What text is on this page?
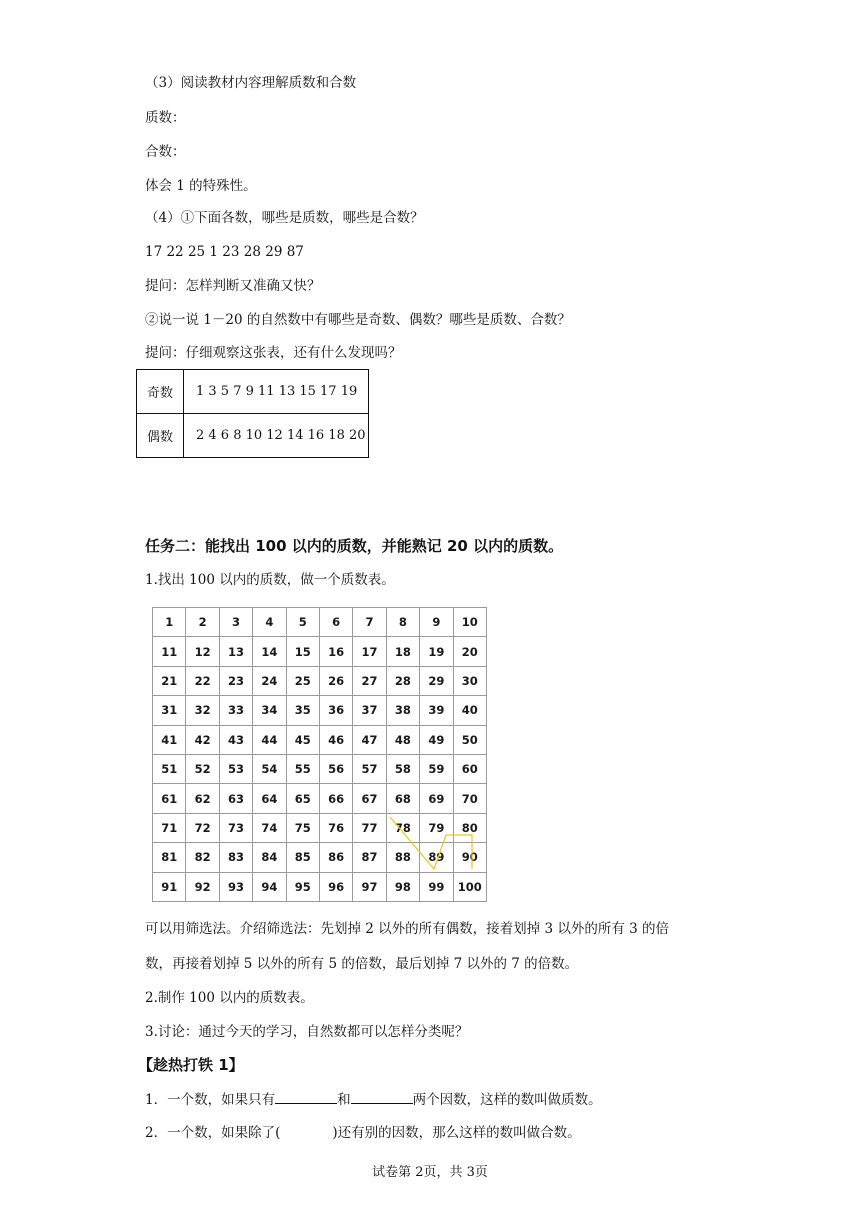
（3）阅读教材内容理解质数和合数
质数：
合数：
体会 1 的特殊性。
（4）①下面各数，哪些是质数，哪些是合数？
17 22 25 1 23 28 29 87
提问：怎样判断又准确又快？
②说一说 1－20 的自然数中有哪些是奇数、偶数？哪些是质数、合数？
提问：仔细观察这张表，还有什么发现吗？
奇数	1 3 5 7 9 11 13 15 17 19
偶数	2 4 6 8 10 12 14 16 18 20
任务二：能找出 100 以内的质数，并能熟记 20 以内的质数。
1.找出 100 以内的质数，做一个质数表。
1	2	3	4	5	6	7	8	9	10
11	12	13	14	15	16	17	18	19	20
21	22	23	24	25	26	27	28	29	30
31	32	33	34	35	36	37	38	39	40
41	42	43	44	45	46	47	48	49	50
51	52	53	54	55	56	57	58	59	60
61	62	63	64	65	66	67	68	69	70
71	72	73	74	75	76	77	78	79	80
81	82	83	84	85	86	87	88	89	90
91	92	93	94	95	96	97	98	99	100
可以用筛选法。介绍筛选法：先划掉 2 以外的所有偶数，接着划掉 3 以外的所有 3 的倍
数，再接着划掉 5 以外的所有 5 的倍数，最后划掉 7 以外的 7 的倍数。
2.制作 100 以内的质数表。
3.讨论：通过今天的学习，自然数都可以怎样分类呢？
【趁热打铁 1】
1．一个数，如果只有	和	两个因数，这样的数叫做质数。
2．一个数，如果除了(	)还有别的因数，那么这样的数叫做合数。
试卷第 2页，共 3页
